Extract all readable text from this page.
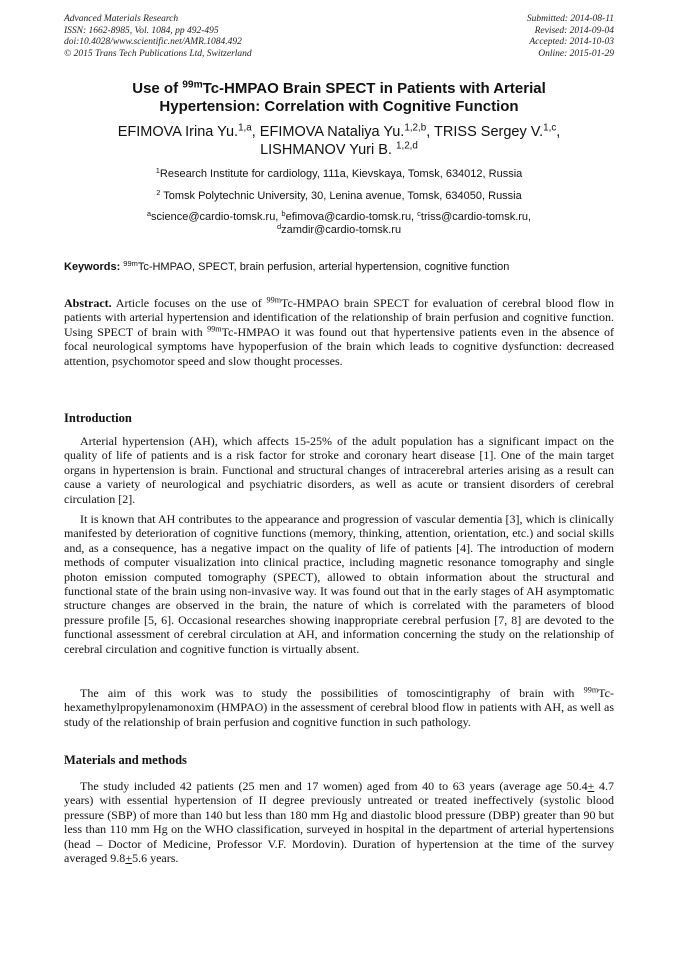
Advanced Materials Research
ISSN: 1662-8985, Vol. 1084, pp 492-495
doi:10.4028/www.scientific.net/AMR.1084.492
© 2015 Trans Tech Publications Ltd, Switzerland
Submitted: 2014-08-11
Revised: 2014-09-04
Accepted: 2014-10-03
Online: 2015-01-29
Use of $^{99m}$Tc-HMPAO Brain SPECT in Patients with Arterial
Hypertension: Correlation with Cognitive Function
EFIMOVA Irina Yu.$^{1,a}$, EFIMOVA Nataliya Yu.$^{1,2,b}$, TRISS Sergey V.$^{1,c}$,
LISHMANOV Yuri B. $^{1,2,d}$
$^1$Research Institute for cardiology, 111a, Kievskaya, Tomsk, 634012, Russia
$^2$ Tomsk Polytechnic University, 30, Lenina avenue, Tomsk, 634050, Russia
$^a$science@cardio-tomsk.ru, $^b$efimova@cardio-tomsk.ru, $^c$triss@cardio-tomsk.ru,
$^d$zamdir@cardio-tomsk.ru
Keywords: $^{99m}$Tc-HMPAO, SPECT, brain perfusion, arterial hypertension, cognitive function
Abstract. Article focuses on the use of $^{99m}$Tc-HMPAO brain SPECT for evaluation of cerebral blood flow in patients with arterial hypertension and identification of the relationship of brain perfusion and cognitive function. Using SPECT of brain with $^{99m}$Tc-HMPAO it was found out that hypertensive patients even in the absence of focal neurological symptoms have hypoperfusion of the brain which leads to cognitive dysfunction: decreased attention, psychomotor speed and slow thought processes.
Introduction
Arterial hypertension (AH), which affects 15-25% of the adult population has a significant impact on the quality of life of patients and is a risk factor for stroke and coronary heart disease [1]. One of the main target organs in hypertension is brain. Functional and structural changes of intracerebral arteries arising as a result can cause a variety of neurological and psychiatric disorders, as well as acute or transient disorders of cerebral circulation [2].
It is known that AH contributes to the appearance and progression of vascular dementia [3], which is clinically manifested by deterioration of cognitive functions (memory, thinking, attention, orientation, etc.) and social skills and, as a consequence, has a negative impact on the quality of life of patients [4]. The introduction of modern methods of computer visualization into clinical practice, including magnetic resonance tomography and single photon emission computed tomography (SPECT), allowed to obtain information about the structural and functional state of the brain using non-invasive way. It was found out that in the early stages of AH asymptomatic structure changes are observed in the brain, the nature of which is correlated with the parameters of blood pressure profile [5, 6]. Occasional researches showing inappropriate cerebral perfusion [7, 8] are devoted to the functional assessment of cerebral circulation at AH, and information concerning the study on the relationship of cerebral circulation and cognitive function is virtually absent.
The aim of this work was to study the possibilities of tomoscintigraphy of brain with $^{99m}$Tc-hexamethylpropylenamonoxim (HMPAO) in the assessment of cerebral blood flow in patients with AH, as well as study of the relationship of brain perfusion and cognitive function in such pathology.
Materials and methods
The study included 42 patients (25 men and 17 women) aged from 40 to 63 years (average age 50.4+ 4.7 years) with essential hypertension of II degree previously untreated or treated ineffectively (systolic blood pressure (SBP) of more than 140 but less than 180 mm Hg and diastolic blood pressure (DBP) greater than 90 but less than 110 mm Hg on the WHO classification, surveyed in hospital in the department of arterial hypertensions (head – Doctor of Medicine, Professor V.F. Mordovin). Duration of hypertension at the time of the survey averaged 9.8+5.6 years.
